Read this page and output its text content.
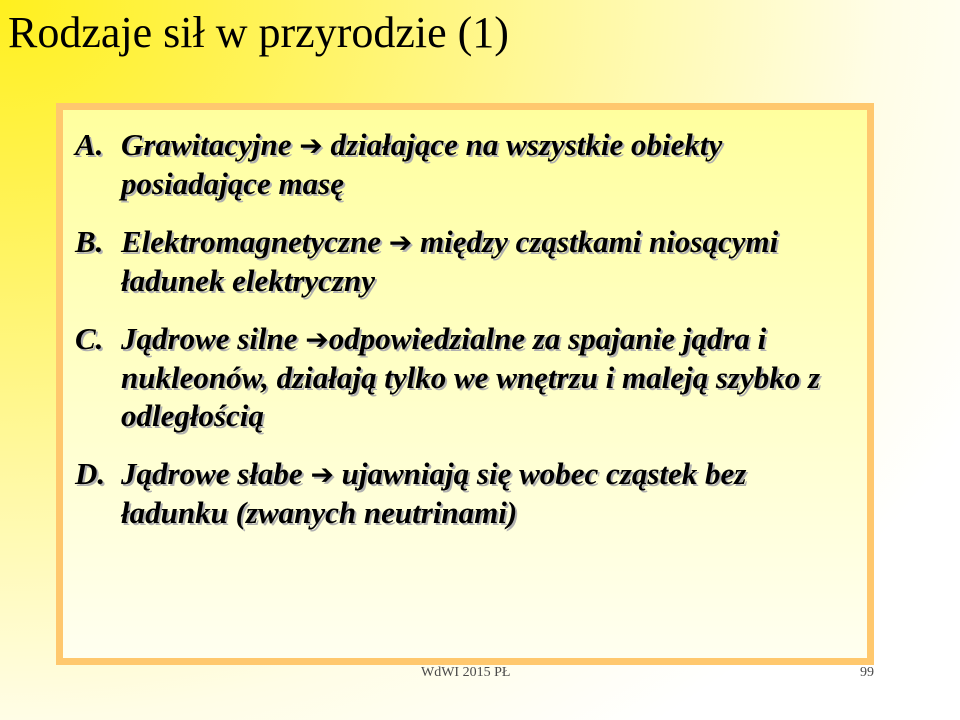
Rodzaje sił w przyrodzie (1)
A. Grawitacyjne ➔ działające na wszystkie obiekty posiadające masę
B. Elektromagnetyczne ➔ między cząstkami niosącymi ładunek elektryczny
C. Jądrowe silne ➔odpowiedzialne za spajanie jądra i nukleonów, działają tylko we wnętrzu i maleją szybko z odległością
D. Jądrowe słabe ➔ ujawniają się wobec cząstek bez ładunku (zwanych neutrinami)
WdWI 2015 PŁ	99
